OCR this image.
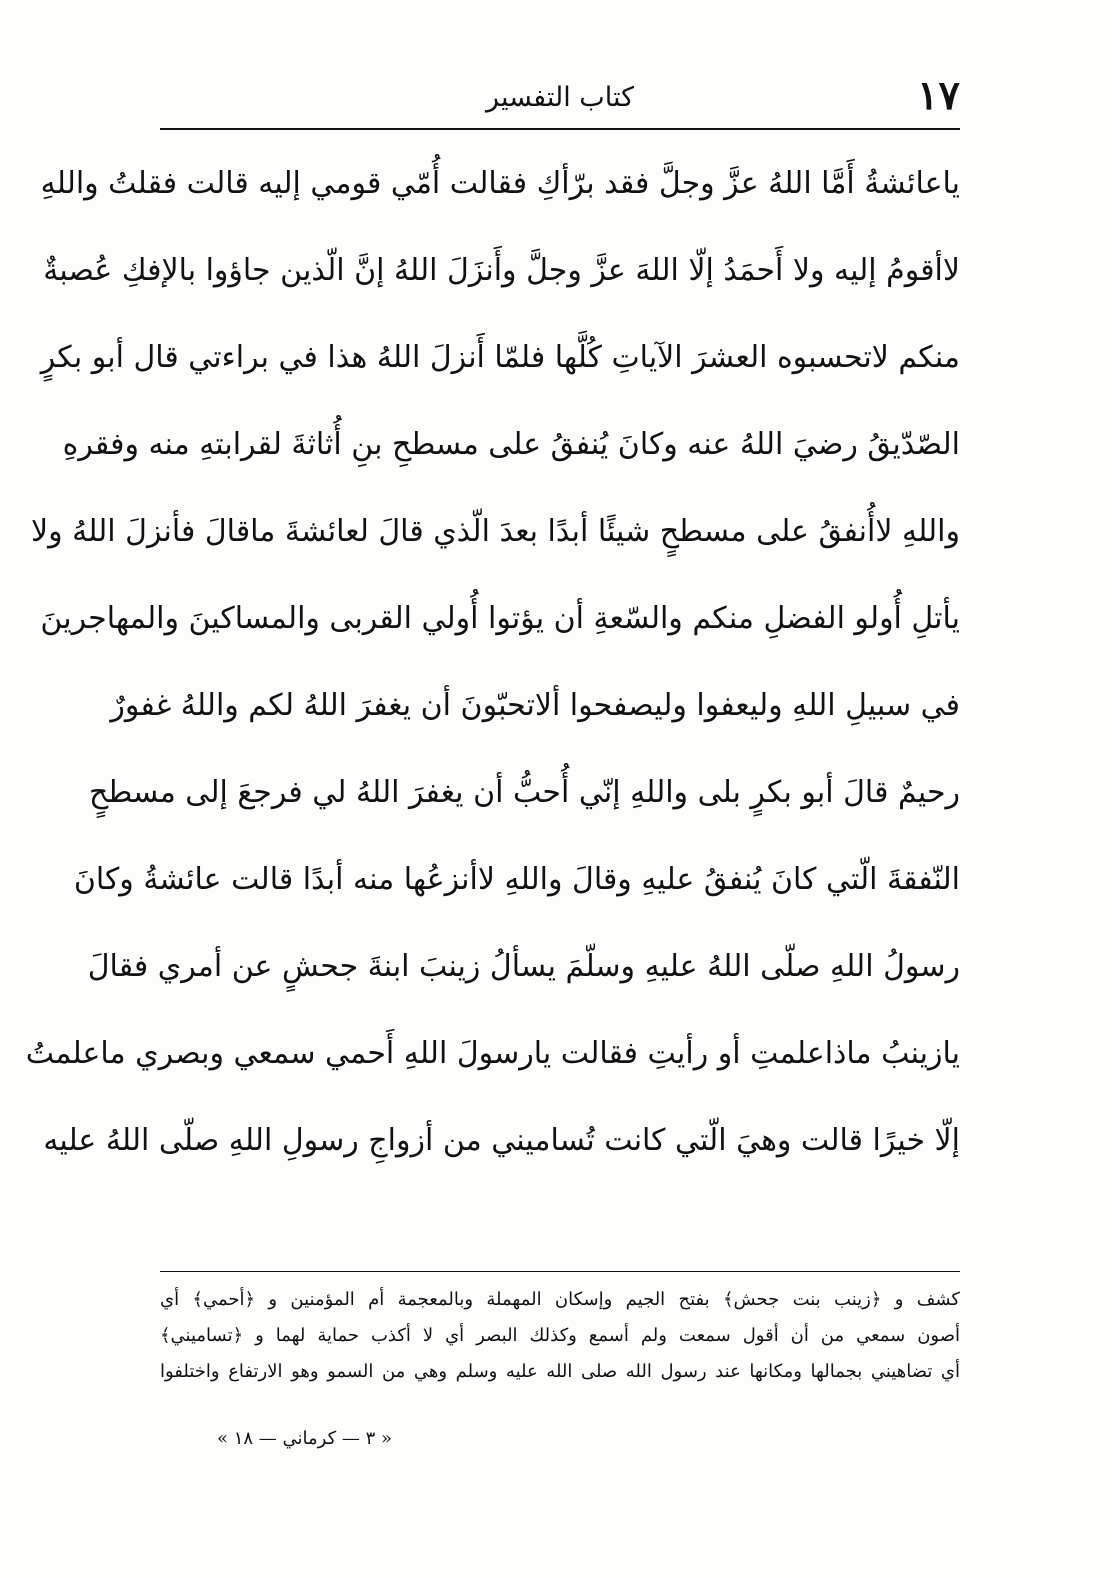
١٧
كتاب التفسير
ياعائشةُ أَمَّا اللهُ عزَّ وجلَّ فقد برّأكِ فقالت أُمّي قومي إليه قالت فقلتُ واللهِ
لاأقومُ إليه ولا أَحمَدُ إلّا اللهَ عزَّ وجلَّ وأَنزَلَ اللهُ إنَّ الّذين جاؤوا بالإفكِ عُصبةٌ
منكم لاتحسبوه العشرَ الآياتِ كُلَّها فلمّا أَنزلَ اللهُ هذا في براءتي قال أبو بكرٍ
الصّدّيقُ رضيَ اللهُ عنه وكانَ يُنفقُ على مسطحِ بنِ أُثاثةَ لقرابتهِ منه وفقرهِ
واللهِ لاأُنفقُ على مسطحٍ شيئًا أبدًا بعدَ الّذي قالَ لعائشةَ ماقالَ فأنزلَ اللهُ ولا
يأتلِ أُولو الفضلِ منكم والسّعةِ أن يؤتوا أُولي القربى والمساكينَ والمهاجرينَ
في سبيلِ اللهِ وليعفوا وليصفحوا ألاتحبّونَ أن يغفرَ اللهُ لكم واللهُ غفورٌ
رحيمٌ قالَ أبو بكرٍ بلى واللهِ إنّي أُحبُّ أن يغفرَ اللهُ لي فرجعَ إلى مسطحٍ
النّفقةَ الّتي كانَ يُنفقُ عليهِ وقالَ واللهِ لاأنزعُها منه أبدًا قالت عائشةُ وكانَ
رسولُ اللهِ صلّى اللهُ عليهِ وسلّمَ يسألُ زينبَ ابنةَ جحشٍ عن أمري فقالَ
يازينبُ ماذاعلمتِ أو رأيتِ فقالت يارسولَ اللهِ أَحمي سمعي وبصري ماعلمتُ
إلّا خيرًا قالت وهيَ الّتي كانت تُساميني من أزواجِ رسولِ اللهِ صلّى اللهُ عليه
كشف و ﴿زينب بنت جحش﴾ بفتح الجيم وإسكان المهملة وبالمعجمة أم المؤمنين و ﴿أحمي﴾ أي
أصون سمعي من أن أقول سمعت ولم أسمع وكذلك البصر أي لا أكذب حماية لهما و ﴿تساميني﴾
أي تضاهيني بجمالها ومكانها عند رسول الله صلى الله عليه وسلم وهي من السمو وهو الارتفاع واختلفوا
« ٣ — كرماني — ١٨ »
